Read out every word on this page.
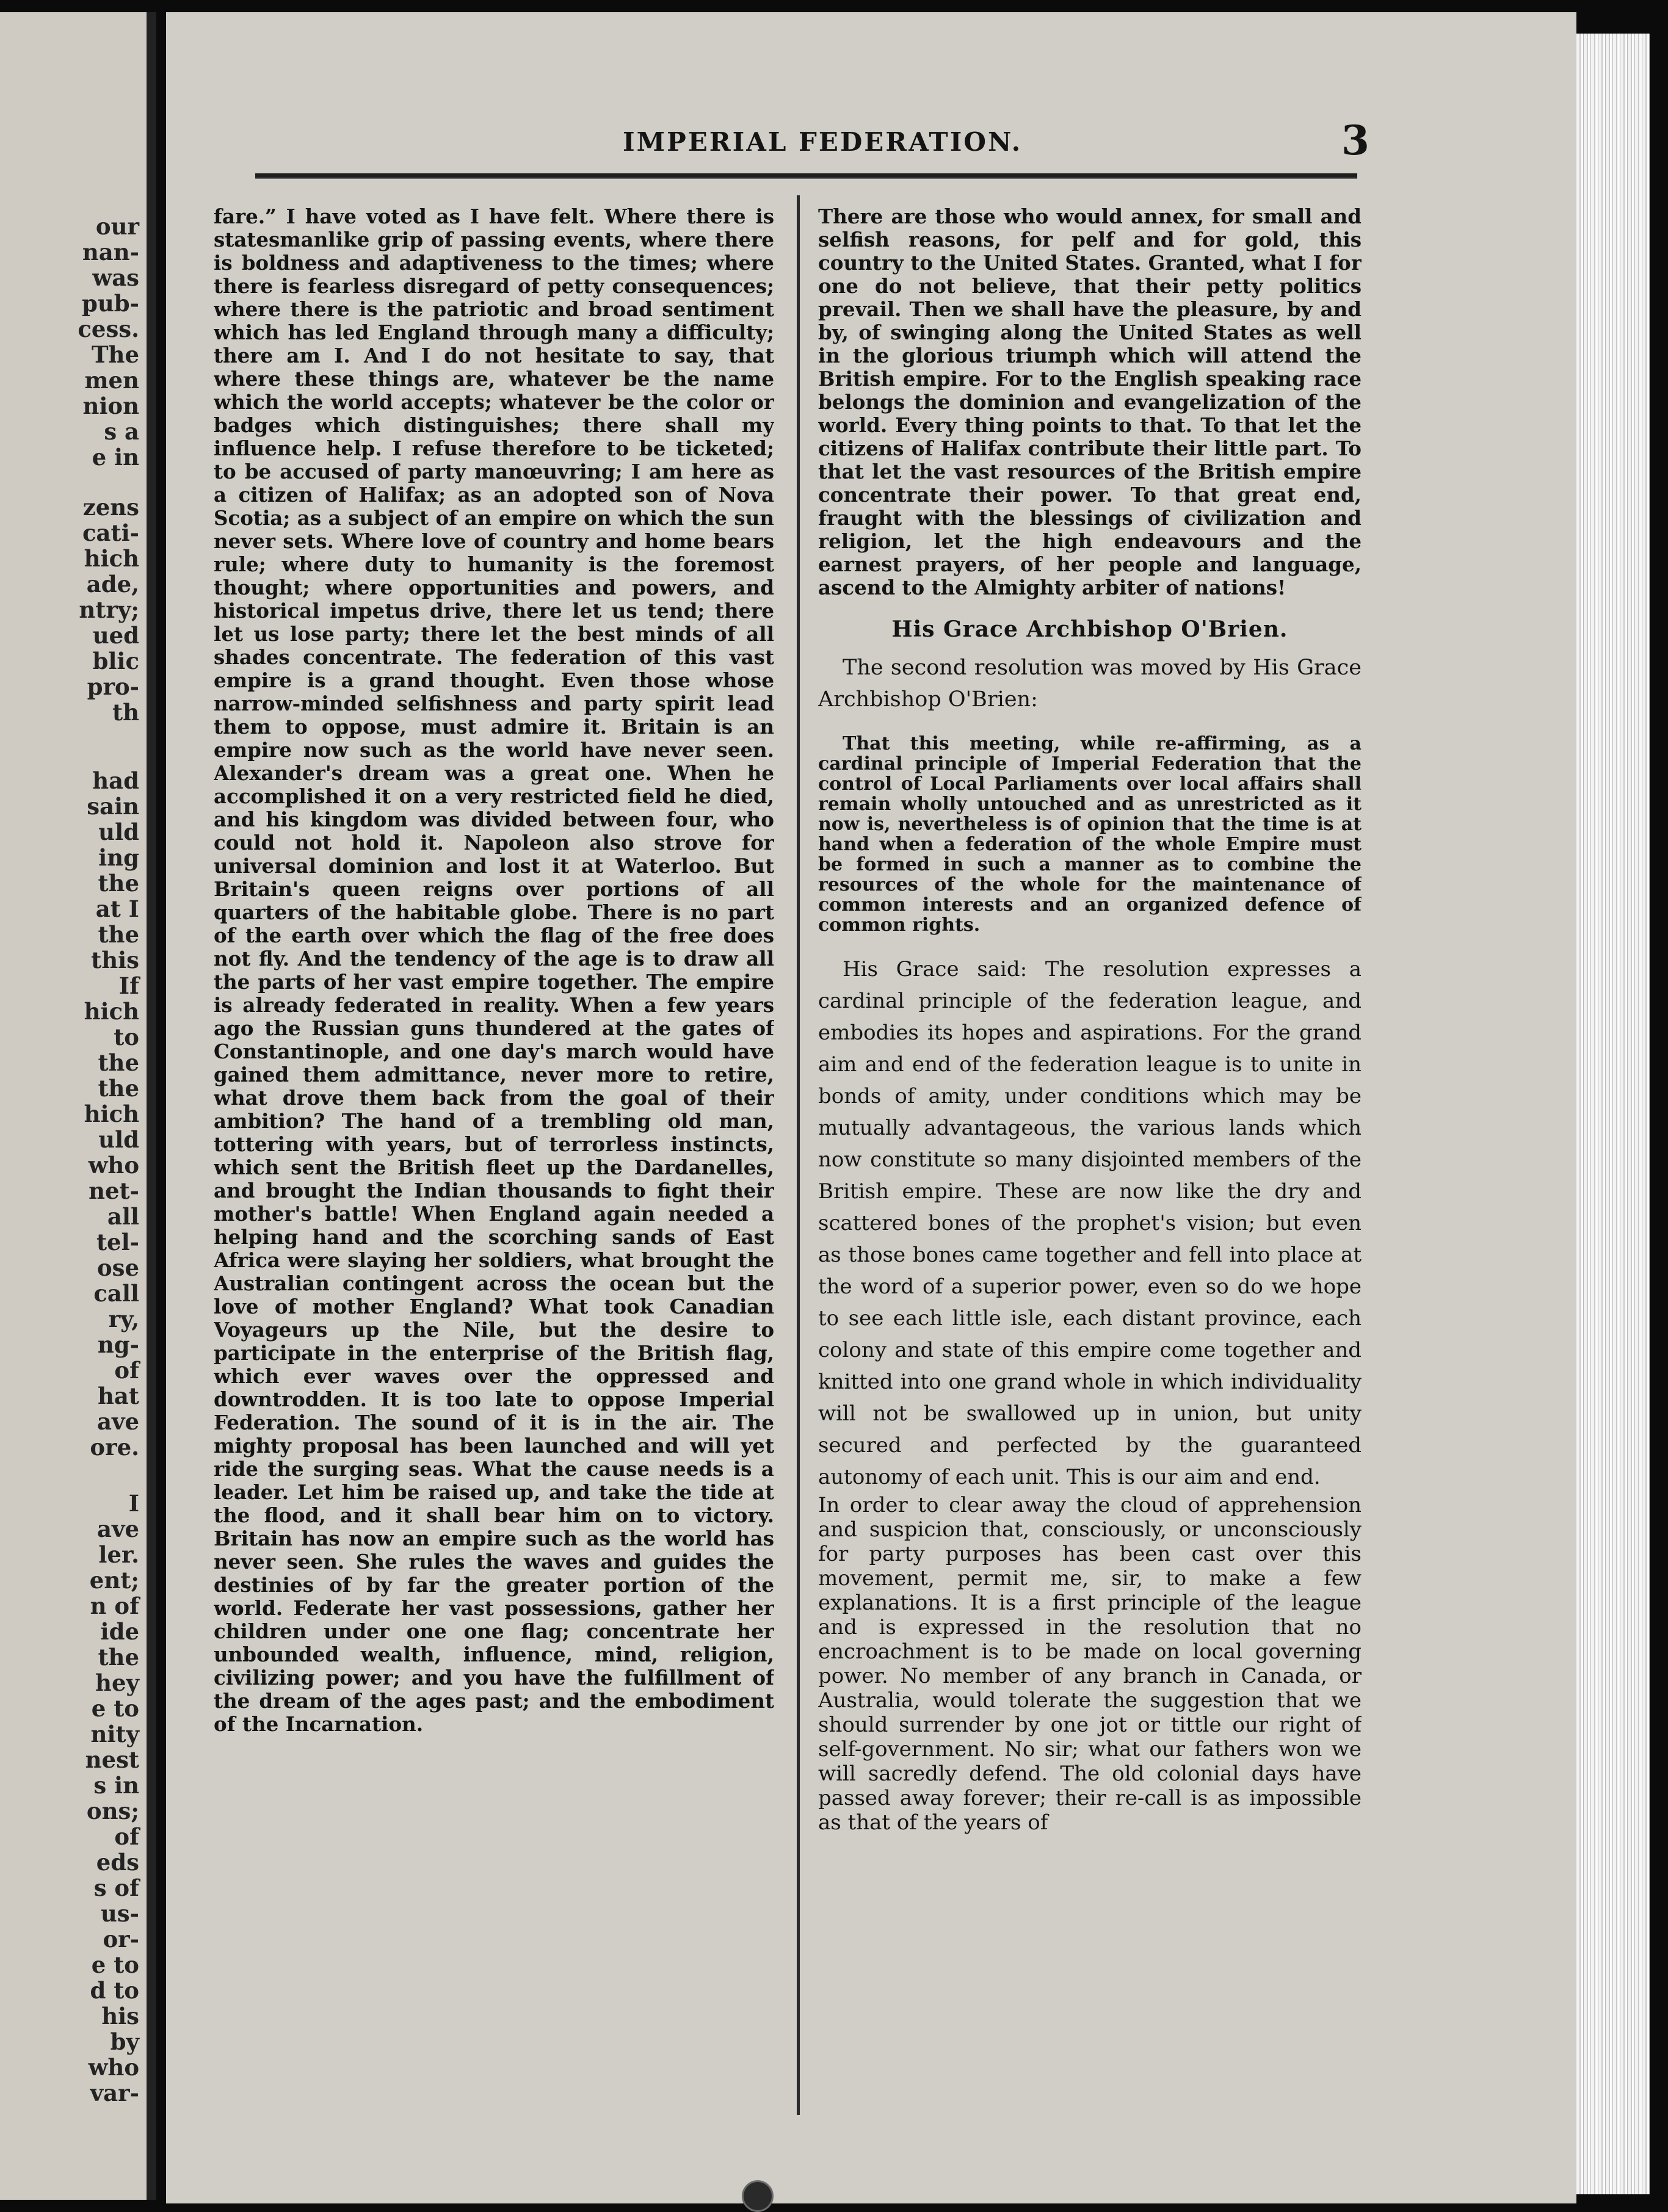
our
nan-
was
pub-
cess.
The
men
nion
s a
e in
zens
cati-
hich
ade,
ntry;
ued
blic
pro-
th
had
sain
uld
ing
the
at I
the
this
If
hich
to
the
the
hich
uld
who
net-
all
tel-
ose
call
ry,
ng-
of
hat
ave
ore.
I
ave
ler.
ent;
n of
ide
the
hey
e to
nity
nest
s in
ons;
of
eds
s of
us-
or-
e to
d to
his
by
who
var-
IMPERIAL FEDERATION.	3

fare.” I have voted as I have felt. Where there is statesmanlike grip of passing events, where there is boldness and adaptiveness to the times; where there is fearless disregard of petty consequences; where there is the patriotic and broad sentiment which has led England through many a difficulty; there am I. And I do not hesitate to say, that where these things are, whatever be the name which the world accepts; whatever be the color or badges which distinguishes; there shall my influence help. I refuse therefore to be ticketed; to be accused of party manœuvring; I am here as a citizen of Halifax; as an adopted son of Nova Scotia; as a subject of an empire on which the sun never sets. Where love of country and home bears rule; where duty to humanity is the foremost thought; where opportunities and powers, and historical impetus drive, there let us tend; there let us lose party; there let the best minds of all shades concentrate. The federation of this vast empire is a grand thought. Even those whose narrow-minded selfishness and party spirit lead them to oppose, must admire it. Britain is an empire now such as the world have never seen. Alexander's dream was a great one. When he accomplished it on a very restricted field he died, and his kingdom was divided between four, who could not hold it. Napoleon also strove for universal dominion and lost it at Waterloo. But Britain's queen reigns over portions of all quarters of the habitable globe. There is no part of the earth over which the flag of the free does not fly. And the tendency of the age is to draw all the parts of her vast empire together. The empire is already federated in reality. When a few years ago the Russian guns thundered at the gates of Constantinople, and one day's march would have gained them admittance, never more to retire, what drove them back from the goal of their ambition? The hand of a trembling old man, tottering with years, but of terrorless instincts, which sent the British fleet up the Dardanelles, and brought the Indian thousands to fight their mother's battle! When England again needed a helping hand and the scorching sands of East Africa were slaying her soldiers, what brought the Australian contingent across the ocean but the love of mother England? What took Canadian Voyageurs up the Nile, but the desire to participate in the enterprise of the British flag, which ever waves over the oppressed and downtrodden. It is too late to oppose Imperial Federation. The sound of it is in the air. The mighty proposal has been launched and will yet ride the surging seas. What the cause needs is a leader. Let him be raised up, and take the tide at the flood, and it shall bear him on to victory. Britain has now an empire such as the world has never seen. She rules the waves and guides the destinies of by far the greater portion of the world. Federate her vast possessions, gather her children under one one flag; concentrate her unbounded wealth, influence, mind, religion, civilizing power; and you have the fulfillment of the dream of the ages past; and the embodiment of the Incarnation.

There are those who would annex, for small and selfish reasons, for pelf and for gold, this country to the United States. Granted, what I for one do not believe, that their petty politics prevail. Then we shall have the pleasure, by and by, of swinging along the United States as well in the glorious triumph which will attend the British empire. For to the English speaking race belongs the dominion and evangelization of the world. Every thing points to that. To that let the citizens of Halifax contribute their little part. To that let the vast resources of the British empire concentrate their power. To that great end, fraught with the blessings of civilization and religion, let the high endeavours and the earnest prayers, of her people and language, ascend to the Almighty arbiter of nations!

His Grace Archbishop O'Brien.

The second resolution was moved by His Grace Archbishop O'Brien:

That this meeting, while re-affirming, as a cardinal principle of Imperial Federation that the control of Local Parliaments over local affairs shall remain wholly untouched and as unrestricted as it now is, nevertheless is of opinion that the time is at hand when a federation of the whole Empire must be formed in such a manner as to combine the resources of the whole for the maintenance of common interests and an organized defence of common rights.

His Grace said: The resolution expresses a cardinal principle of the federation league, and embodies its hopes and aspirations. For the grand aim and end of the federation league is to unite in bonds of amity, under conditions which may be mutually advantageous, the various lands which now constitute so many disjointed members of the British empire. These are now like the dry and scattered bones of the prophet's vision; but even as those bones came together and fell into place at the word of a superior power, even so do we hope to see each little isle, each distant province, each colony and state of this empire come together and knitted into one grand whole in which individuality will not be swallowed up in union, but unity secured and perfected by the guaranteed autonomy of each unit. This is our aim and end.

In order to clear away the cloud of apprehension and suspicion that, consciously, or unconsciously for party purposes has been cast over this movement, permit me, sir, to make a few explanations. It is a first principle of the league and is expressed in the resolution that no encroachment is to be made on local governing power. No member of any branch in Canada, or Australia, would tolerate the suggestion that we should surrender by one jot or tittle our right of self-government. No sir; what our fathers won we will sacredly defend. The old colonial days have passed away forever; their re-call is as impossible as that of the years of
